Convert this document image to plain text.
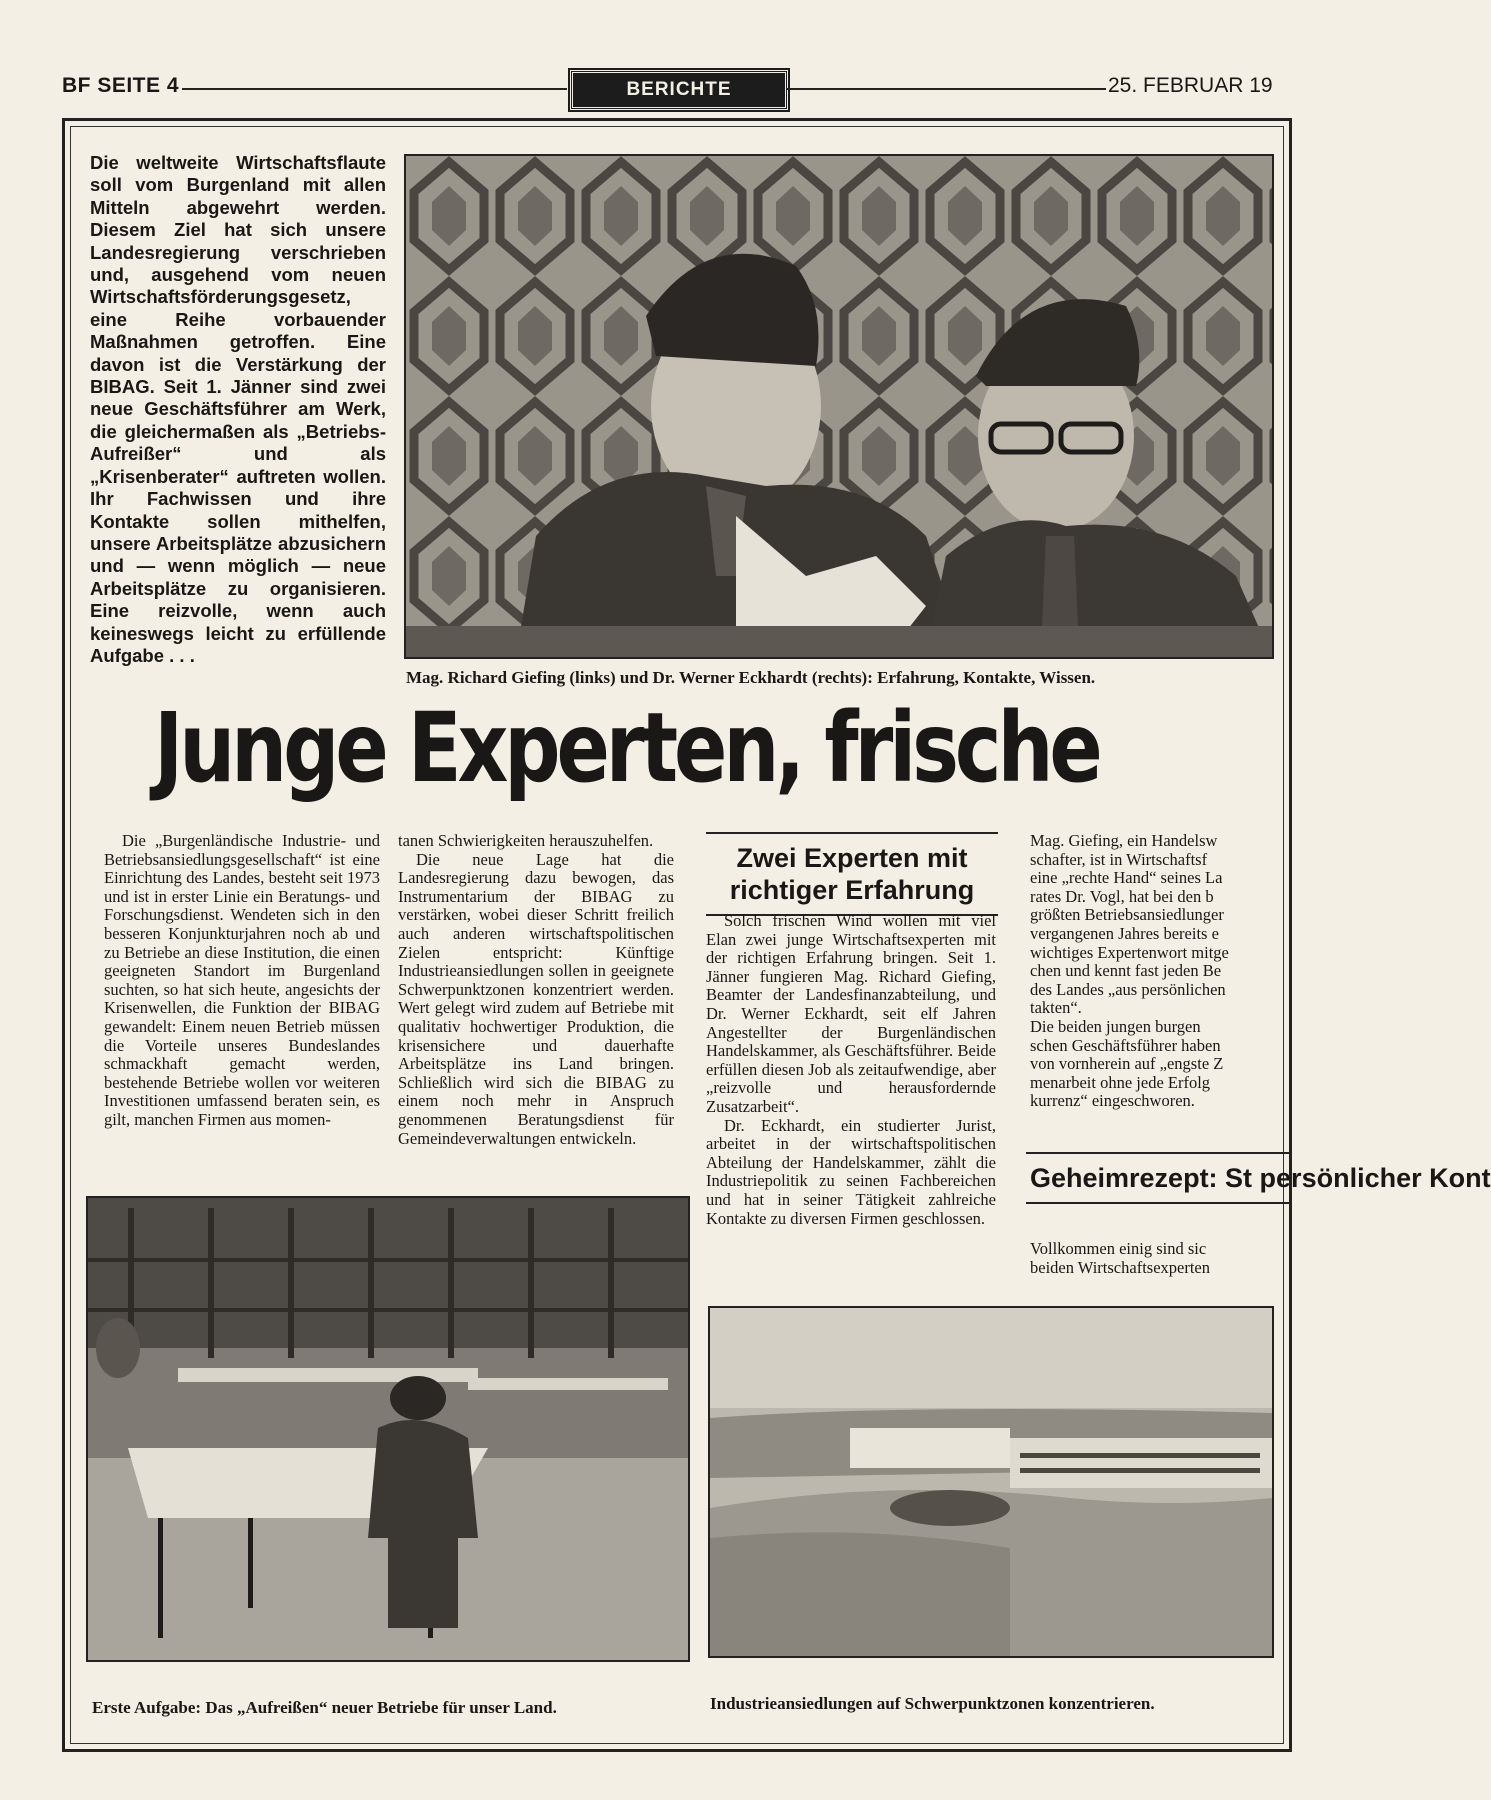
BF SEITE 4	BERICHTE	25. FEBRUAR 19
Die weltweite Wirtschaftsflaute soll vom Burgenland mit allen Mitteln abgewehrt werden. Diesem Ziel hat sich unsere Landesregierung verschrieben und, ausgehend vom neuen Wirtschaftsförderungsgesetz, eine Reihe vorbauender Maßnahmen getroffen. Eine davon ist die Verstärkung der BIBAG. Seit 1. Jänner sind zwei neue Geschäftsführer am Werk, die gleichermaßen als „Betriebs-Aufreißer“ und als „Krisenberater“ auftreten wollen. Ihr Fachwissen und ihre Kontakte sollen mithelfen, unsere Arbeitsplätze abzusichern und — wenn möglich — neue Arbeitsplätze zu organisieren. Eine reizvolle, wenn auch keineswegs leicht zu erfüllende Aufgabe . . .
Mag. Richard Giefing (links) und Dr. Werner Eckhardt (rechts): Erfahrung, Kontakte, Wissen.
Junge Experten, frische

Die „Burgenländische Industrie- und Betriebsansiedlungsgesellschaft“ ist eine Einrichtung des Landes, besteht seit 1973 und ist in erster Linie ein Beratungs- und Forschungsdienst. Wendeten sich in den besseren Konjunkturjahren noch ab und zu Betriebe an diese Institution, die einen geeigneten Standort im Burgenland suchten, so hat sich heute, angesichts der Krisenwellen, die Funktion der BIBAG gewandelt: Einem neuen Betrieb müssen die Vorteile unseres Bundeslandes schmackhaft gemacht werden, bestehende Betriebe wollen vor weiteren Investitionen umfassend beraten sein, es gilt, manchen Firmen aus momen-

tanen Schwierigkeiten herauszuhelfen.

Die neue Lage hat die Landesregierung dazu bewogen, das Instrumentarium der BIBAG zu verstärken, wobei dieser Schritt freilich auch anderen wirtschaftspolitischen Zielen entspricht: Künftige Industrieansiedlungen sollen in geeignete Schwerpunktzonen konzentriert werden. Wert gelegt wird zudem auf Betriebe mit qualitativ hochwertiger Produktion, die krisensichere und dauerhafte Arbeitsplätze ins Land bringen. Schließlich wird sich die BIBAG zu einem noch mehr in Anspruch genommenen Beratungsdienst für Gemeindeverwaltungen entwickeln.

Zwei Experten mit richtiger Erfahrung

Solch frischen Wind wollen mit viel Elan zwei junge Wirtschaftsexperten mit der richtigen Erfahrung bringen. Seit 1. Jänner fungieren Mag. Richard Giefing, Beamter der Landesfinanzabteilung, und Dr. Werner Eckhardt, seit elf Jahren Angestellter der Burgenländischen Handelskammer, als Geschäftsführer. Beide erfüllen diesen Job als zeitaufwendige, aber „reizvolle und herausfordernde Zusatzarbeit“.

Dr. Eckhardt, ein studierter Jurist, arbeitet in der wirtschaftspolitischen Abteilung der Handelskammer, zählt die Industriepolitik zu seinen Fachbereichen und hat in seiner Tätigkeit zahlreiche Kontakte zu diversen Firmen geschlossen.

Mag. Giefing, ein Handelsw

schafter, ist in Wirtschaftsf

eine „rechte Hand“ seines La

rates Dr. Vogl, hat bei den b

größten Betriebsansiedlunger

vergangenen Jahres bereits e

wichtiges Expertenwort mitge

chen und kennt fast jeden Be

des Landes „aus persönlichen

takten“.

Die beiden jungen burgen

schen Geschäftsführer haben

von vornherein auf „engste Z

menarbeit ohne jede Erfolg

kurrenz“ eingeschworen.

Geheimrezept: St persönlicher Kont

Vollkommen einig sind sic

beiden Wirtschaftsexperten

Erste Aufgabe: Das „Aufreißen“ neuer Betriebe für unser Land.	Industrieansiedlungen auf Schwerpunktzonen konzentrieren.
